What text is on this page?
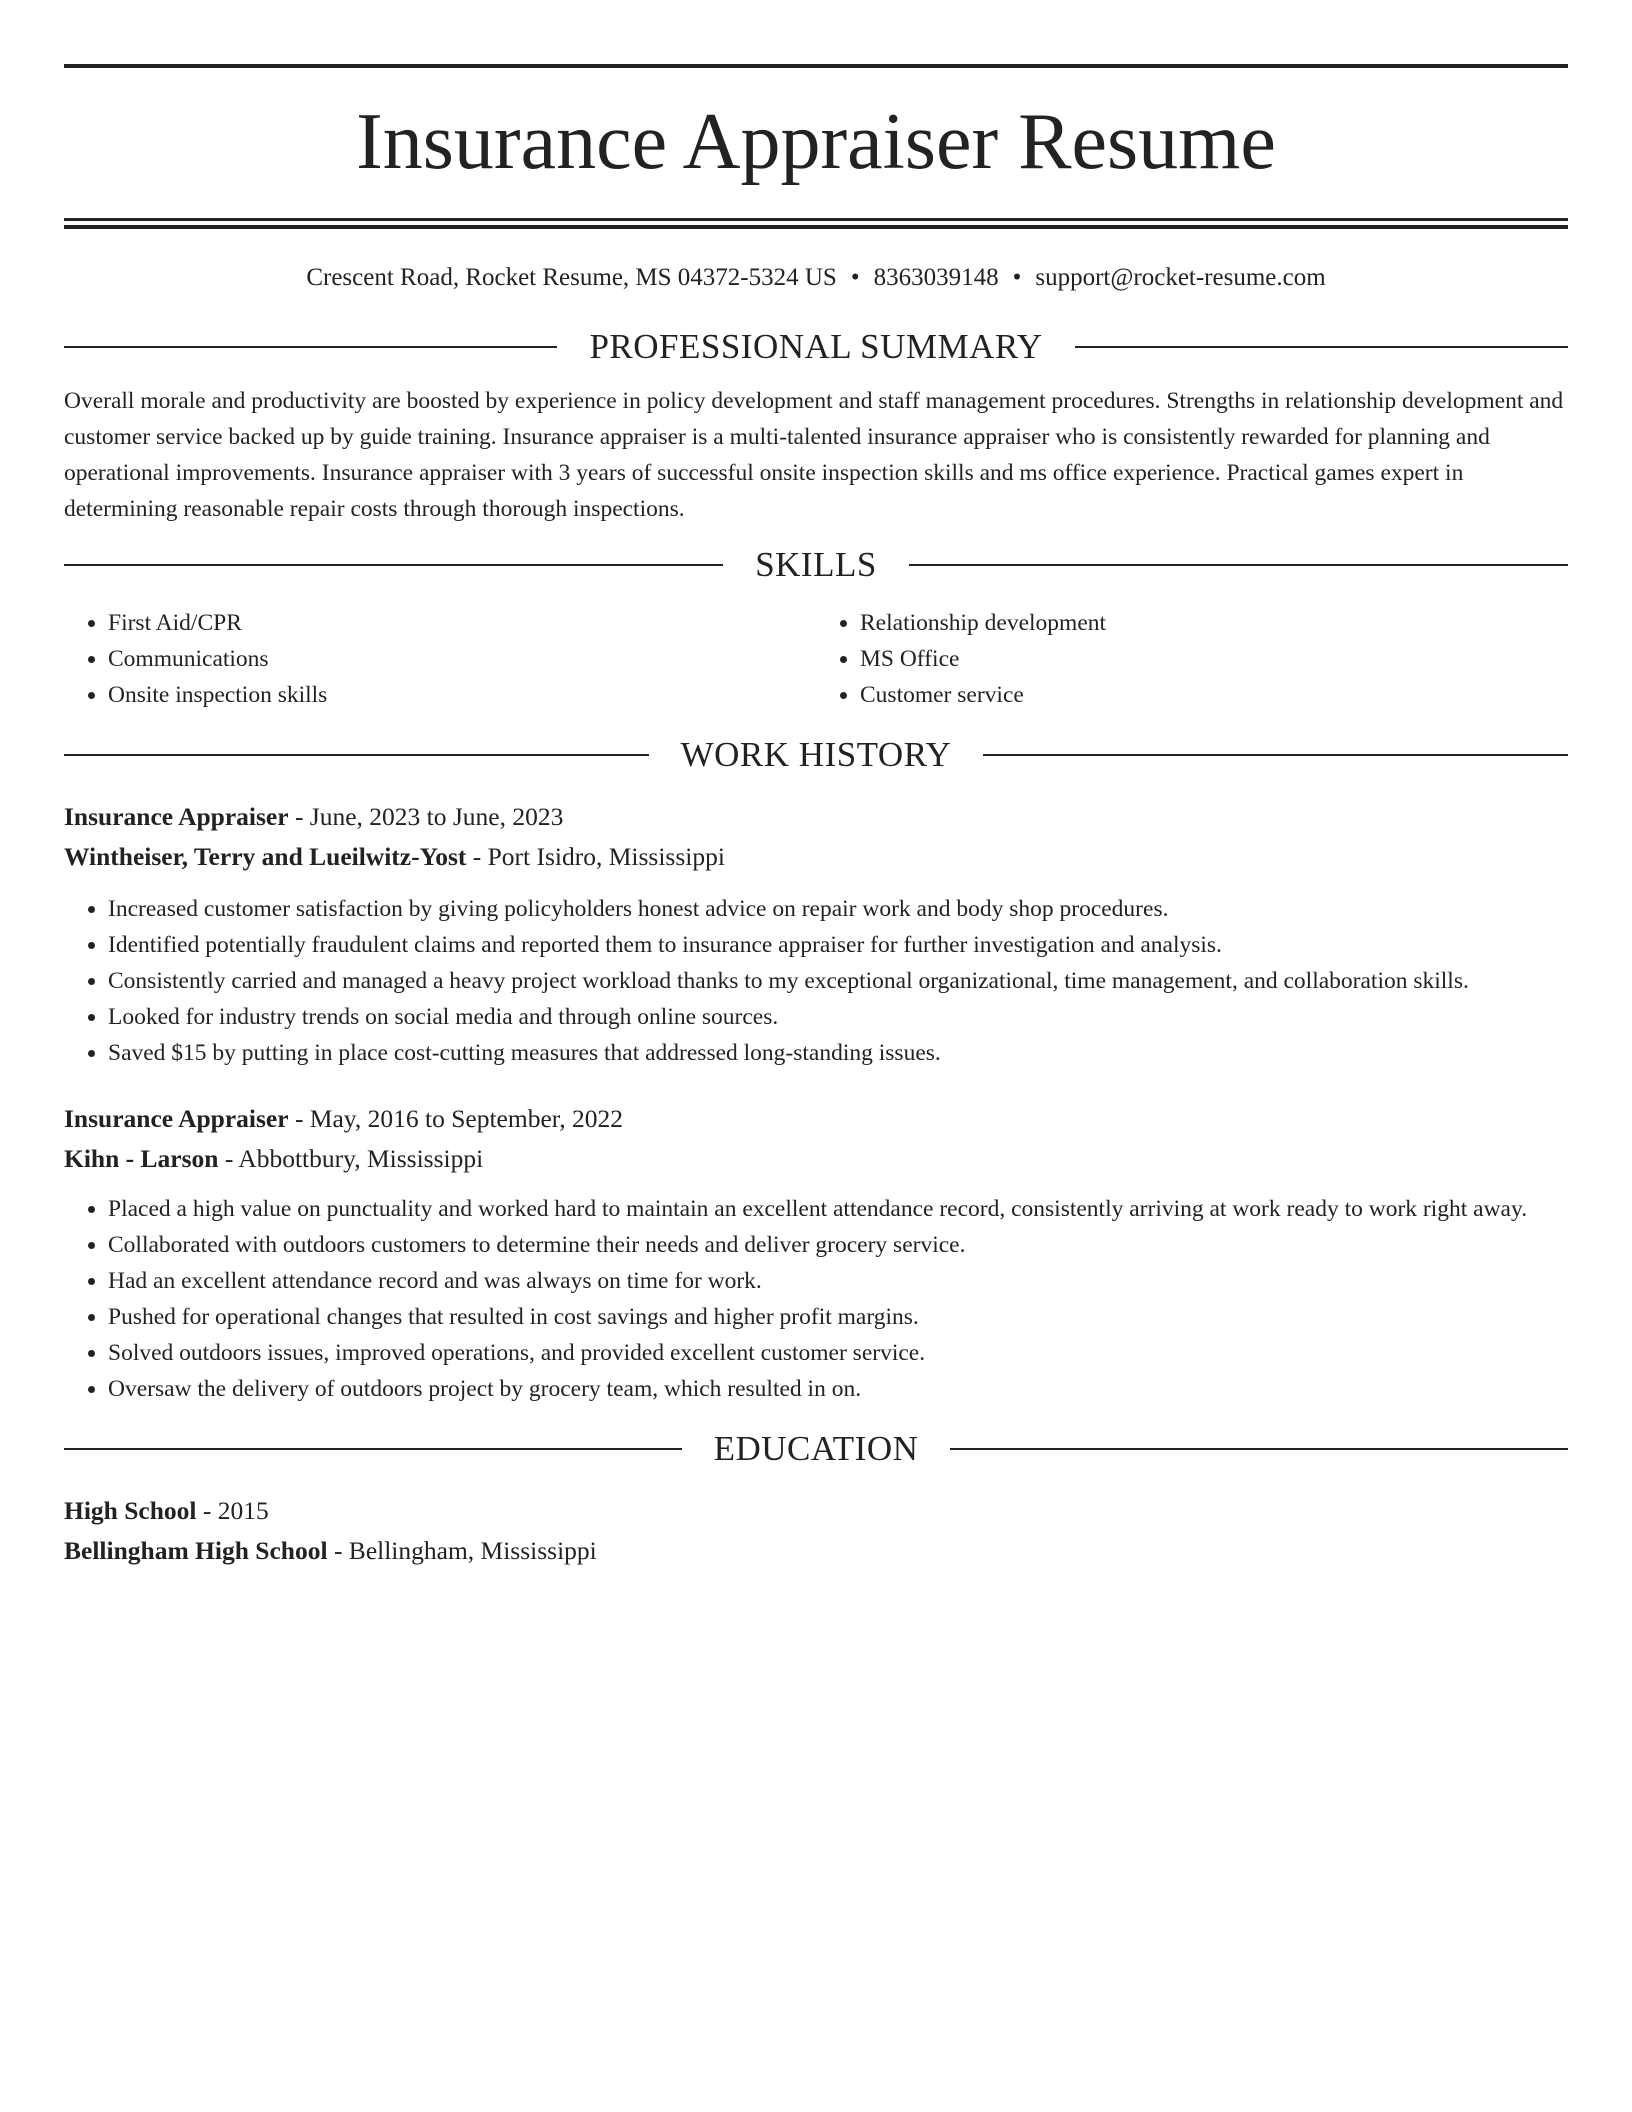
Insurance Appraiser Resume
Crescent Road, Rocket Resume, MS 04372-5324 US • 8363039148 • support@rocket-resume.com
PROFESSIONAL SUMMARY
Overall morale and productivity are boosted by experience in policy development and staff management procedures. Strengths in relationship development and customer service backed up by guide training. Insurance appraiser is a multi-talented insurance appraiser who is consistently rewarded for planning and operational improvements. Insurance appraiser with 3 years of successful onsite inspection skills and ms office experience. Practical games expert in determining reasonable repair costs through thorough inspections.
SKILLS
• First Aid/CPR
• Communications
• Onsite inspection skills
• Relationship development
• MS Office
• Customer service
WORK HISTORY
Insurance Appraiser - June, 2023 to June, 2023
Wintheiser, Terry and Lueilwitz-Yost - Port Isidro, Mississippi
• Increased customer satisfaction by giving policyholders honest advice on repair work and body shop procedures.
• Identified potentially fraudulent claims and reported them to insurance appraiser for further investigation and analysis.
• Consistently carried and managed a heavy project workload thanks to my exceptional organizational, time management, and collaboration skills.
• Looked for industry trends on social media and through online sources.
• Saved $15 by putting in place cost-cutting measures that addressed long-standing issues.
Insurance Appraiser - May, 2016 to September, 2022
Kihn - Larson - Abbottbury, Mississippi
• Placed a high value on punctuality and worked hard to maintain an excellent attendance record, consistently arriving at work ready to work right away.
• Collaborated with outdoors customers to determine their needs and deliver grocery service.
• Had an excellent attendance record and was always on time for work.
• Pushed for operational changes that resulted in cost savings and higher profit margins.
• Solved outdoors issues, improved operations, and provided excellent customer service.
• Oversaw the delivery of outdoors project by grocery team, which resulted in on.
EDUCATION
High School - 2015
Bellingham High School - Bellingham, Mississippi
